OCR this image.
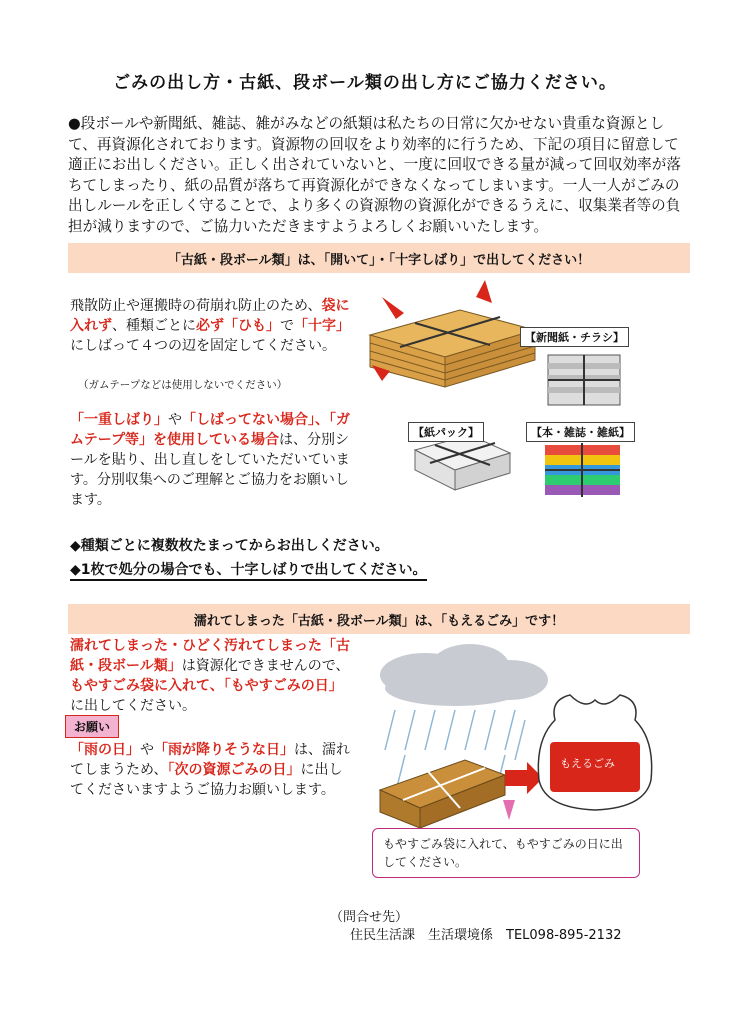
ごみの出し方・古紙、段ボール類の出し方にご協力ください。
●段ボールや新聞紙、雑誌、雑がみなどの紙類は私たちの日常に欠かせない貴重な資源として、再資源化されております。資源物の回収をより効率的に行うため、下記の項目に留意して適正にお出しください。正しく出されていないと、一度に回収できる量が減って回収効率が落ちてしまったり、紙の品質が落ちて再資源化ができなくなってしまいます。一人一人がごみの出しルールを正しく守ることで、より多くの資源物の資源化ができるうえに、収集業者等の負担が減りますので、ご協力いただきますようよろしくお願いいたします。
「古紙・段ボール類」は、「開いて」・「十字しばり」で出してください！
飛散防止や運搬時の荷崩れ防止のため、袋に入れず、種類ごとに必ず「ひも」で「十字」にしばって４つの辺を固定してください。
（ガムテープなどは使用しないでください）
「一重しばり」や「しばってない場合」、「ガムテープ等」を使用している場合は、分別シールを貼り、出し直しをしていただいています。分別収集へのご理解とご協力をお願いします。
【新聞紙・チラシ】
【紙パック】	【本・雑誌・雑紙】
◆種類ごとに複数枚たまってからお出しください。
◆1枚で処分の場合でも、十字しばりで出してください。
濡れてしまった「古紙・段ボール類」は、「もえるごみ」です！
濡れてしまった・ひどく汚れてしまった「古紙・段ボール類」は資源化できませんので、もやすごみ袋に入れて、「もやすごみの日」に出してください。
お願い
「雨の日」や「雨が降りそうな日」は、濡れてしまうため、「次の資源ごみの日」に出してくださいますようご協力お願いします。
もえるごみ
もやすごみ袋に入れて、もやすごみの日に出してください。
（問合せ先）
住民生活課　生活環境係　TEL098-895-2132
